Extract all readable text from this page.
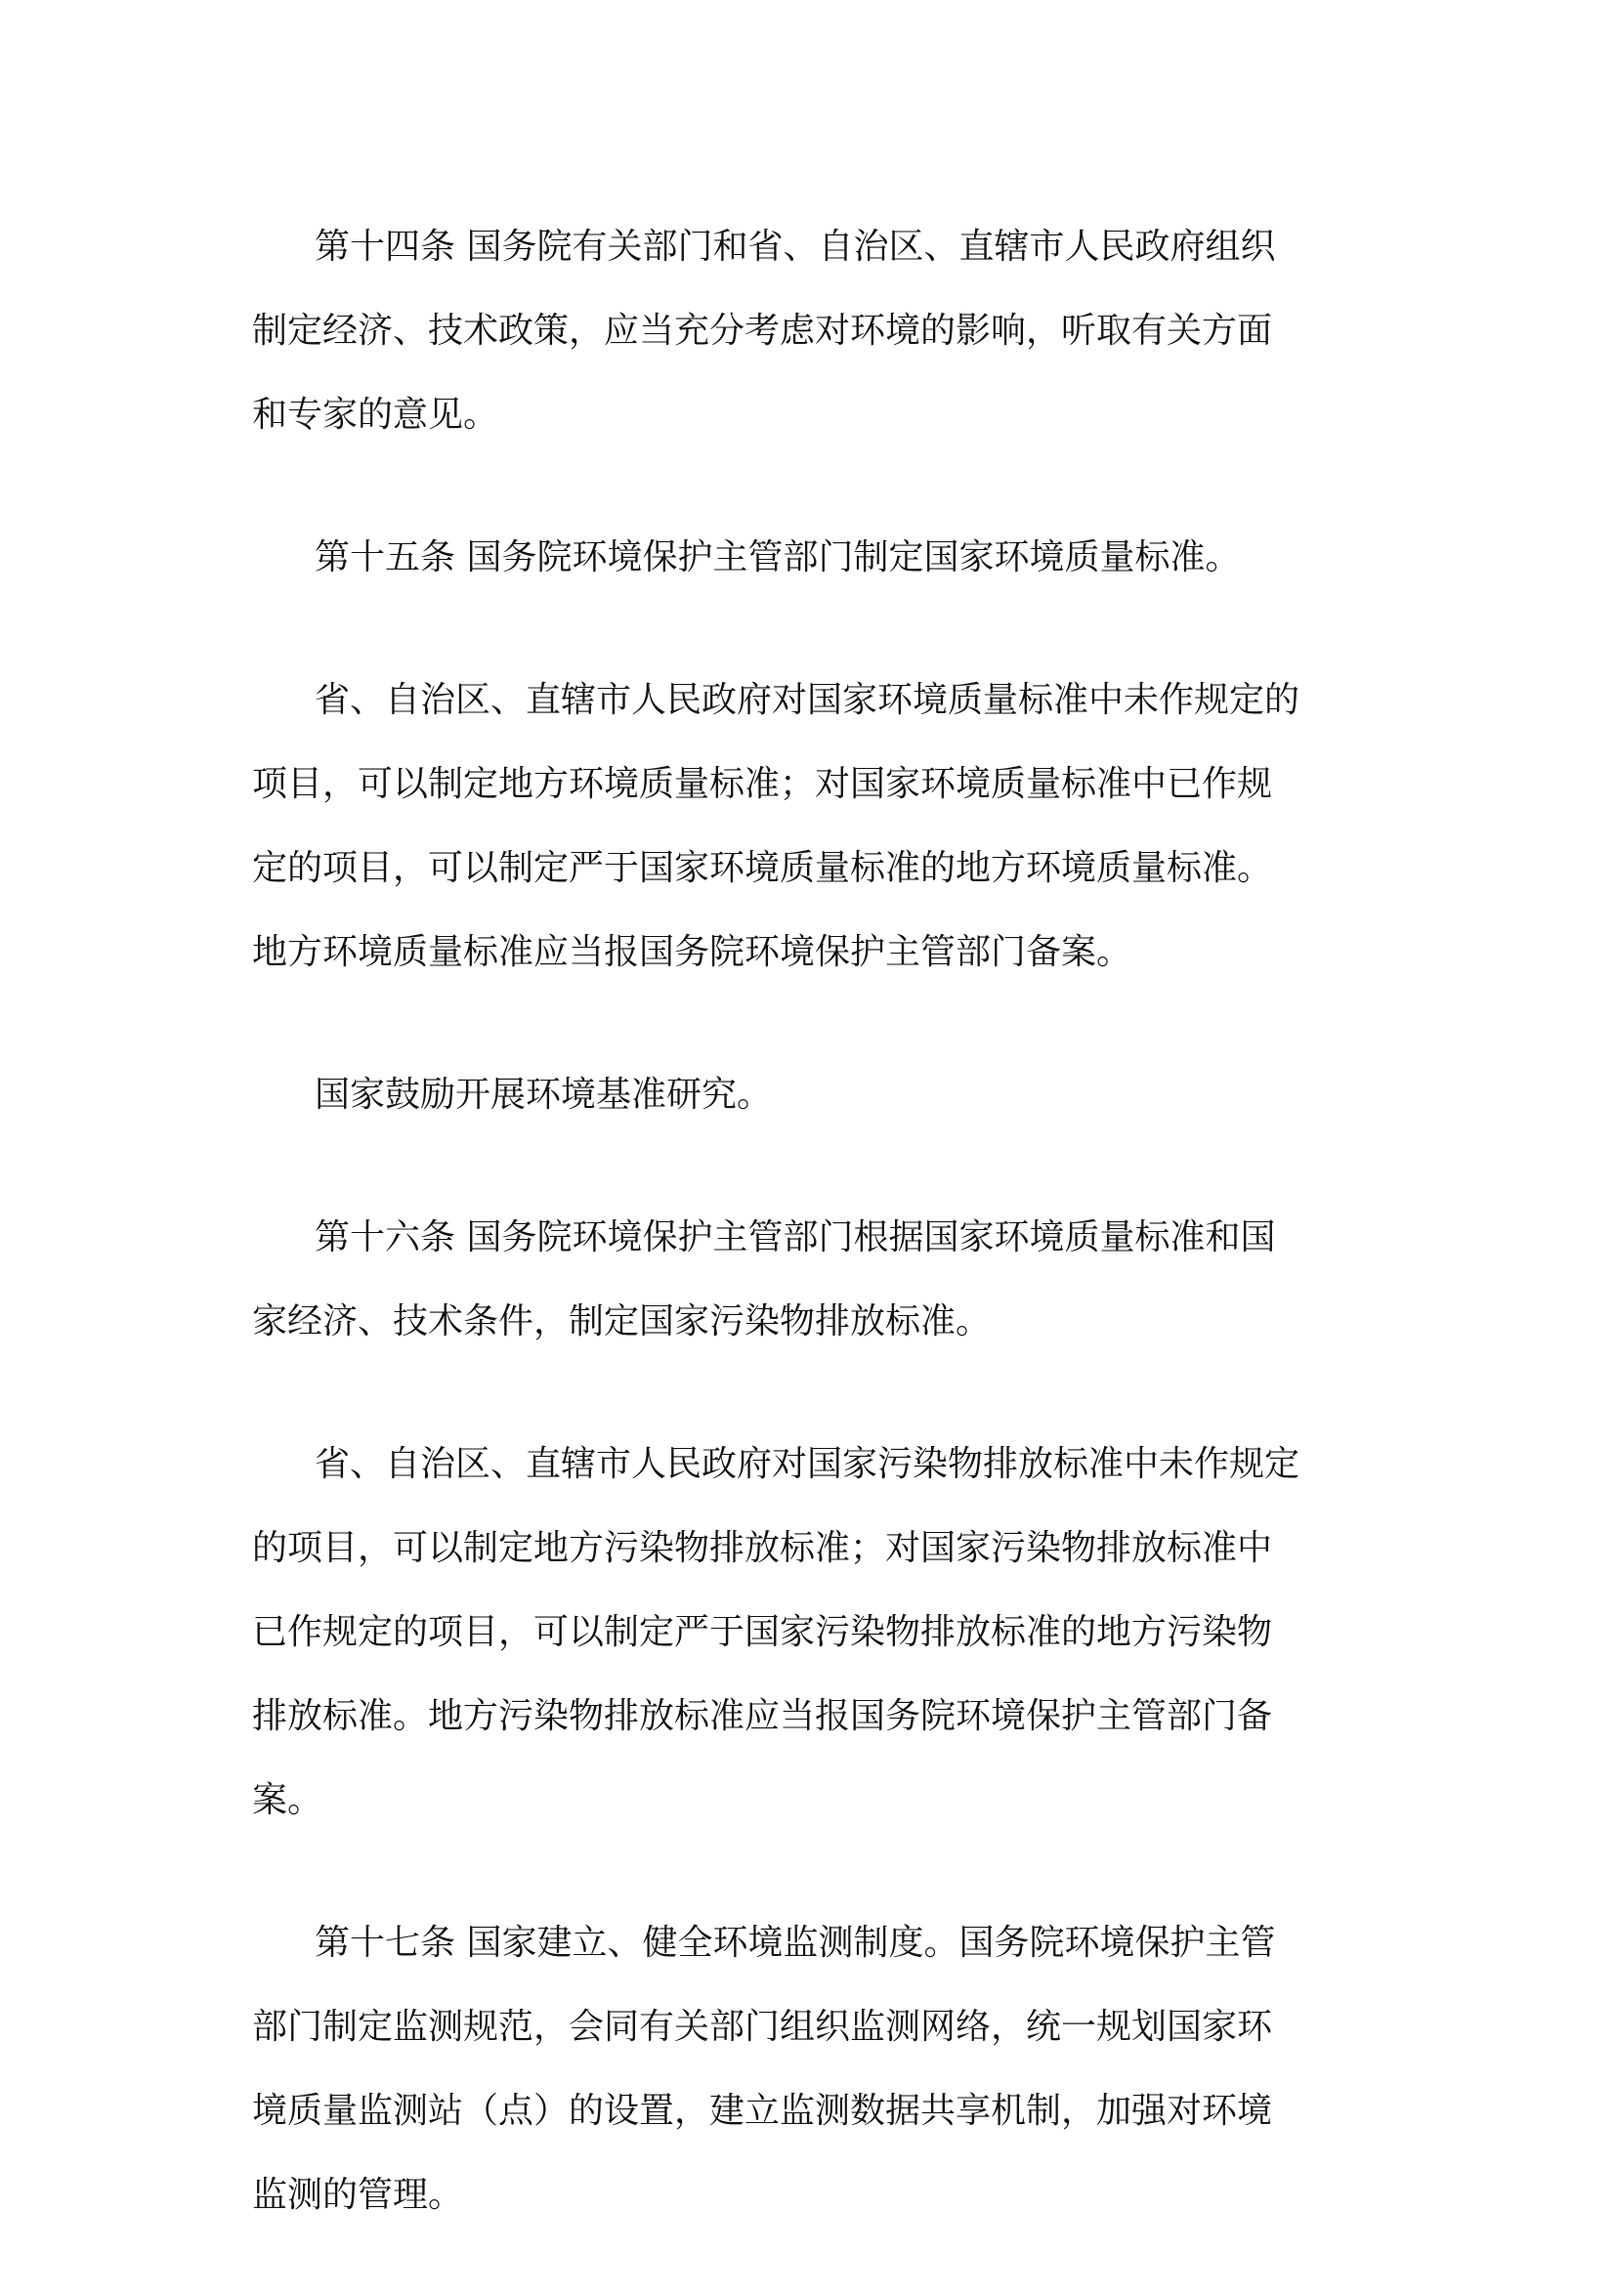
第十四条 国务院有关部门和省、自治区、直辖市人民政府组织
制定经济、技术政策，应当充分考虑对环境的影响，听取有关方面
和专家的意见。

第十五条 国务院环境保护主管部门制定国家环境质量标准。

省、自治区、直辖市人民政府对国家环境质量标准中未作规定的
项目，可以制定地方环境质量标准；对国家环境质量标准中已作规
定的项目，可以制定严于国家环境质量标准的地方环境质量标准。
地方环境质量标准应当报国务院环境保护主管部门备案。

国家鼓励开展环境基准研究。

第十六条 国务院环境保护主管部门根据国家环境质量标准和国
家经济、技术条件，制定国家污染物排放标准。

省、自治区、直辖市人民政府对国家污染物排放标准中未作规定
的项目，可以制定地方污染物排放标准；对国家污染物排放标准中
已作规定的项目，可以制定严于国家污染物排放标准的地方污染物
排放标准。地方污染物排放标准应当报国务院环境保护主管部门备
案。

第十七条 国家建立、健全环境监测制度。国务院环境保护主管
部门制定监测规范，会同有关部门组织监测网络，统一规划国家环
境质量监测站（点）的设置，建立监测数据共享机制，加强对环境
监测的管理。
